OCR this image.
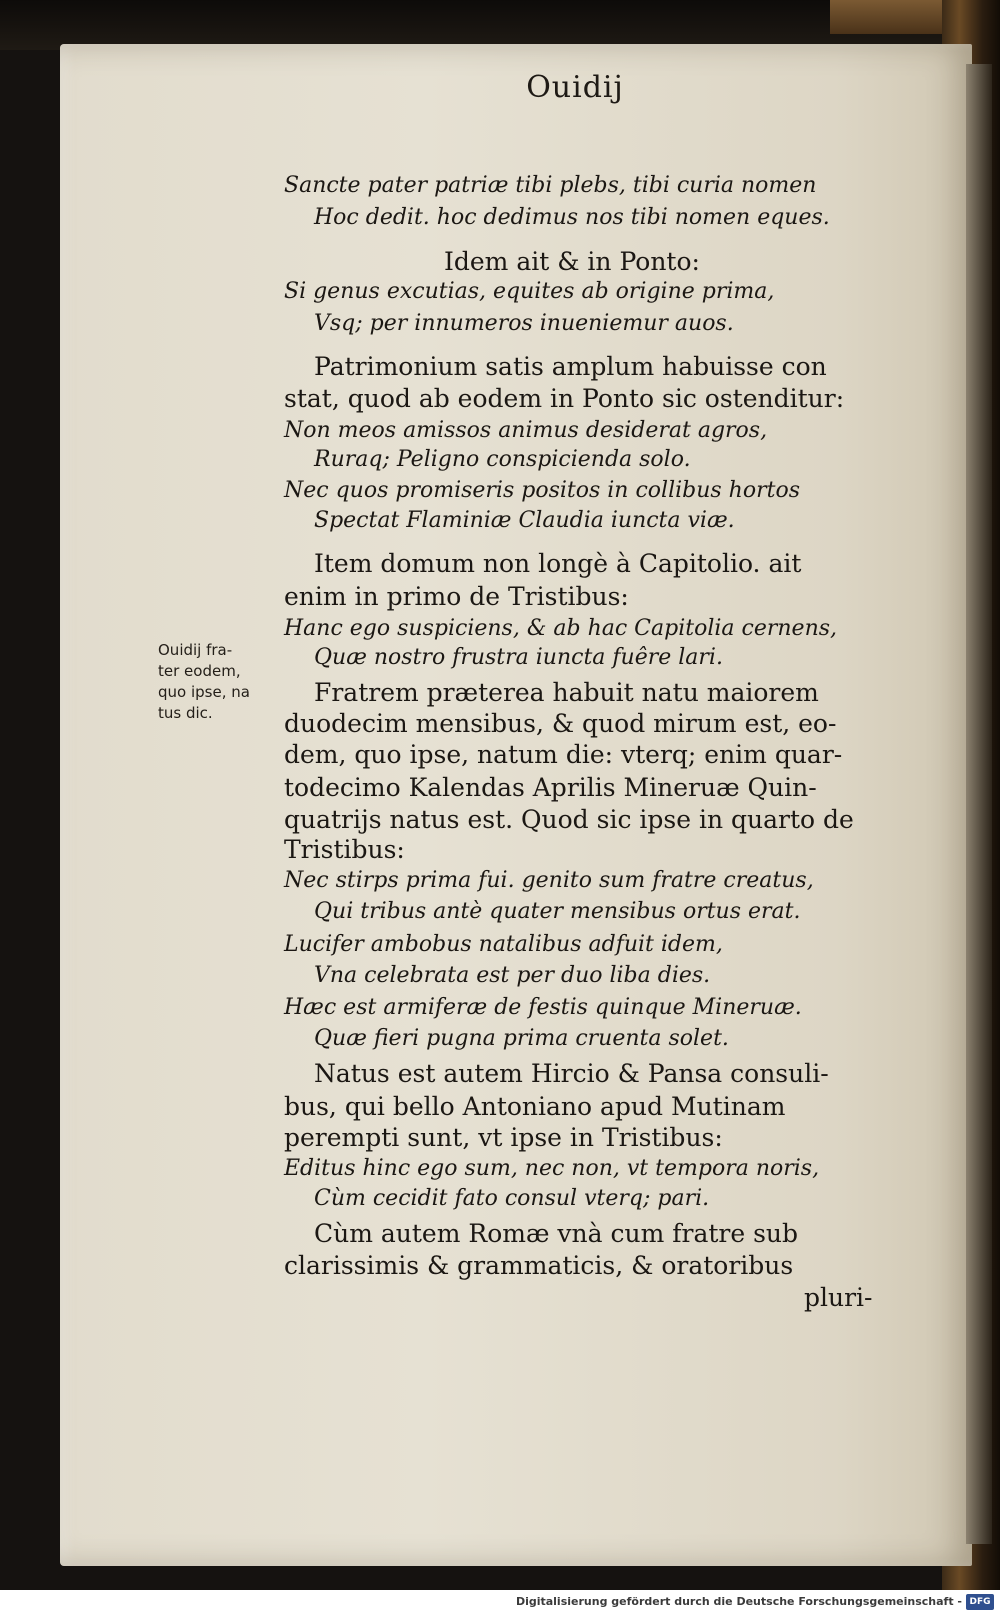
Ouidij
Sancte pater patriæ tibi plebs, tibi curia nomen
Hoc dedit. hoc dedimus nos tibi nomen eques.
Idem ait & in Ponto:
Si genus excutias, equites ab origine prima,
Vsq; per innumeros inueniemur auos.
Patrimonium satis amplum habuisse con
stat, quod ab eodem in Ponto sic ostenditur:
Non meos amissos animus desiderat agros,
Ruraq; Peligno conspicienda solo.
Nec quos promiseris positos in collibus hortos
Spectat Flaminiæ Claudia iuncta viæ.
Item domum non longè à Capitolio. ait
enim in primo de Tristibus:
Hanc ego suspiciens, & ab hac Capitolia cernens,
Quæ nostro frustra iuncta fuêre lari.
Fratrem præterea habuit natu maiorem
duodecim mensibus, & quod mirum est, eo-
dem, quo ipse, natum die: vterq; enim quar-
todecimo Kalendas Aprilis Mineruæ Quin-
quatrijs natus est. Quod sic ipse in quarto de
Tristibus:
Nec stirps prima fui. genito sum fratre creatus,
Qui tribus antè quater mensibus ortus erat.
Lucifer ambobus natalibus adfuit idem,
Vna celebrata est per duo liba dies.
Hæc est armiferæ de festis quinque Mineruæ.
Quæ fieri pugna prima cruenta solet.
Natus est autem Hircio & Pansa consuli-
bus, qui bello Antoniano apud Mutinam
perempti sunt, vt ipse in Tristibus:
Editus hinc ego sum, nec non, vt tempora noris,
Cùm cecidit fato consul vterq; pari.
Cùm autem Romæ vnà cum fratre sub
clarissimis & grammaticis, & oratoribus
pluri-
Ouidij fra-
ter eodem,
quo ipse, na
tus dic.
Digitalisierung gefördert durch die Deutsche Forschungsgemeinschaft - DFG
